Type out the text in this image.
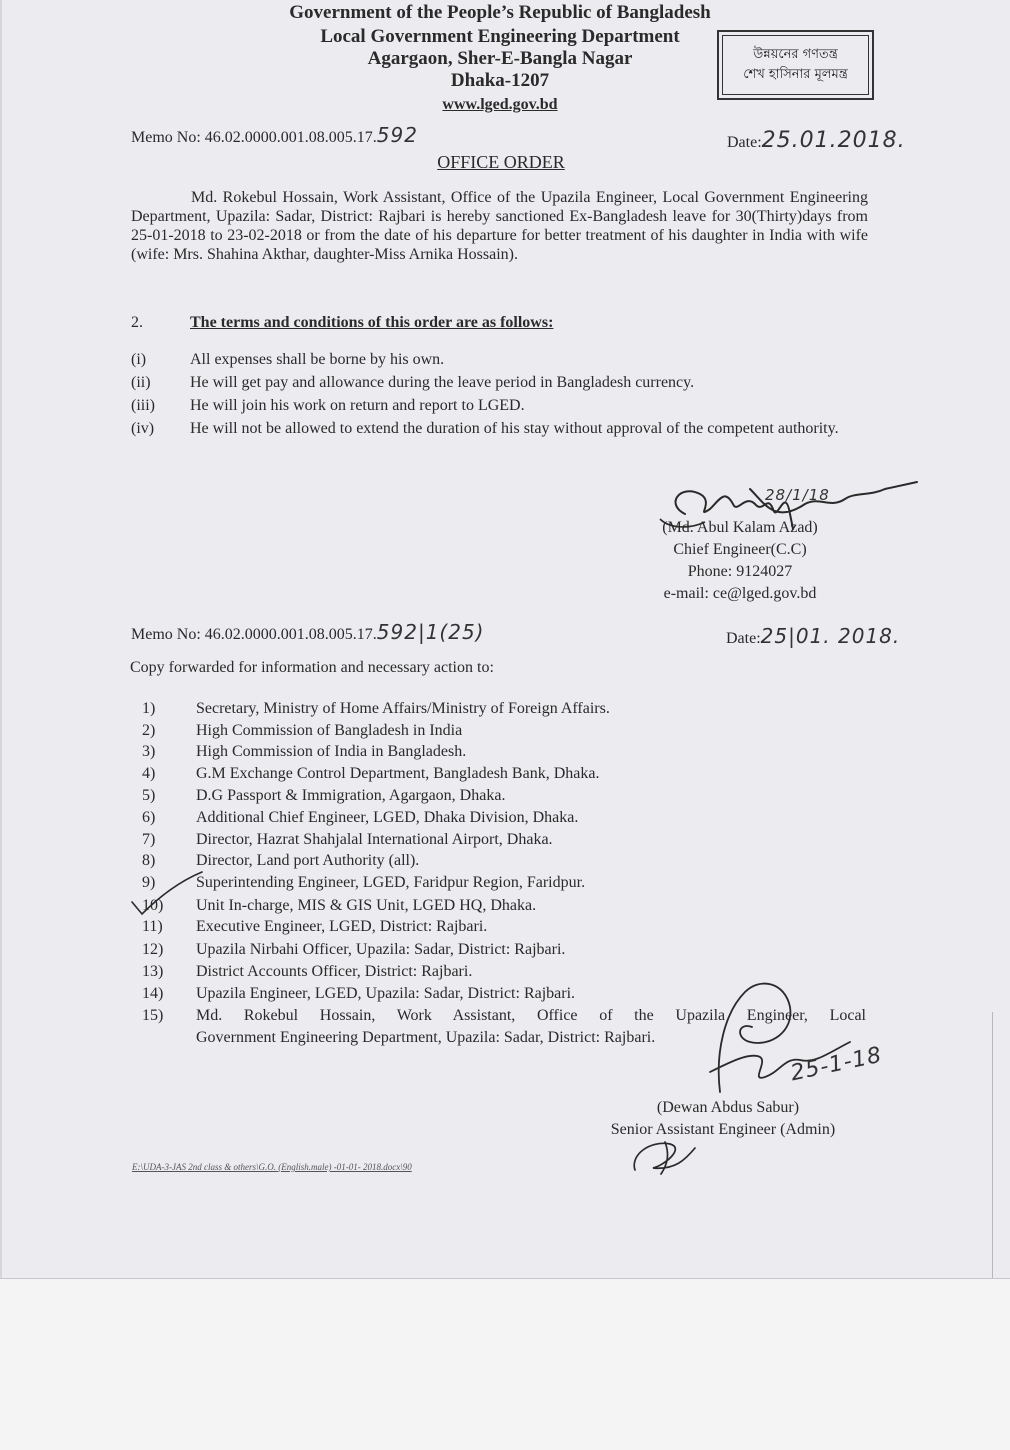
Government of the People’s Republic of Bangladesh
Local Government Engineering Department
Agargaon, Sher-E-Bangla Nagar
Dhaka-1207
www.lged.gov.bd
উন্নয়নের গণতন্ত্র
শেখ হাসিনার মূলমন্ত্র
Memo No: 46.02.0000.001.08.005.17.592	Date:25.01.2018.
OFFICE ORDER
Md. Rokebul Hossain, Work Assistant, Office of the Upazila Engineer, Local Government Engineering Department, Upazila: Sadar, District: Rajbari is hereby sanctioned Ex-Bangladesh leave for 30(Thirty)days from 25-01-2018 to 23-02-2018 or from the date of his departure for better treatment of his daughter in India with wife (wife: Mrs. Shahina Akthar, daughter-Miss Arnika Hossain).
2.	The terms and conditions of this order are as follows:
(i)	All expenses shall be borne by his own.
(ii) He will get pay and allowance during the leave period in Bangladesh currency.
(iii) He will join his work on return and report to LGED.
(iv) He will not be allowed to extend the duration of his stay without approval of the competent authority.
28/1/18
(Md. Abul Kalam Azad)
Chief Engineer(C.C)
Phone: 9124027
e-mail: ce@lged.gov.bd
Memo No: 46.02.0000.001.08.005.17.592|1(25)	Date:25|01. 2018.
Copy forwarded for information and necessary action to:
1)	Secretary, Ministry of Home Affairs/Ministry of Foreign Affairs.
2)	High Commission of Bangladesh in India
3)	High Commission of India in Bangladesh.
4)	G.M Exchange Control Department, Bangladesh Bank, Dhaka.
5)	D.G Passport & Immigration, Agargaon, Dhaka.
6)	Additional Chief Engineer, LGED, Dhaka Division, Dhaka.
7)	Director, Hazrat Shahjalal International Airport, Dhaka.
8)	Director, Land port Authority (all).
9)	Superintending Engineer, LGED, Faridpur Region, Faridpur.
10) Unit In-charge, MIS & GIS Unit, LGED HQ, Dhaka.
11) Executive Engineer, LGED, District: Rajbari.
12) Upazila Nirbahi Officer, Upazila: Sadar, District: Rajbari.
13) District Accounts Officer, District: Rajbari.
14) Upazila Engineer, LGED, Upazila: Sadar, District: Rajbari.
15) Md. Rokebul Hossain, Work Assistant, Office of the Upazila Engineer, Local
Government Engineering Department, Upazila: Sadar, District: Rajbari.
25-1-18
(Dewan Abdus Sabur)
Senior Assistant Engineer (Admin)
E:\UDA-3-JAS 2nd class & others\G.O. (English.male) -01-01- 2018.docx\90
